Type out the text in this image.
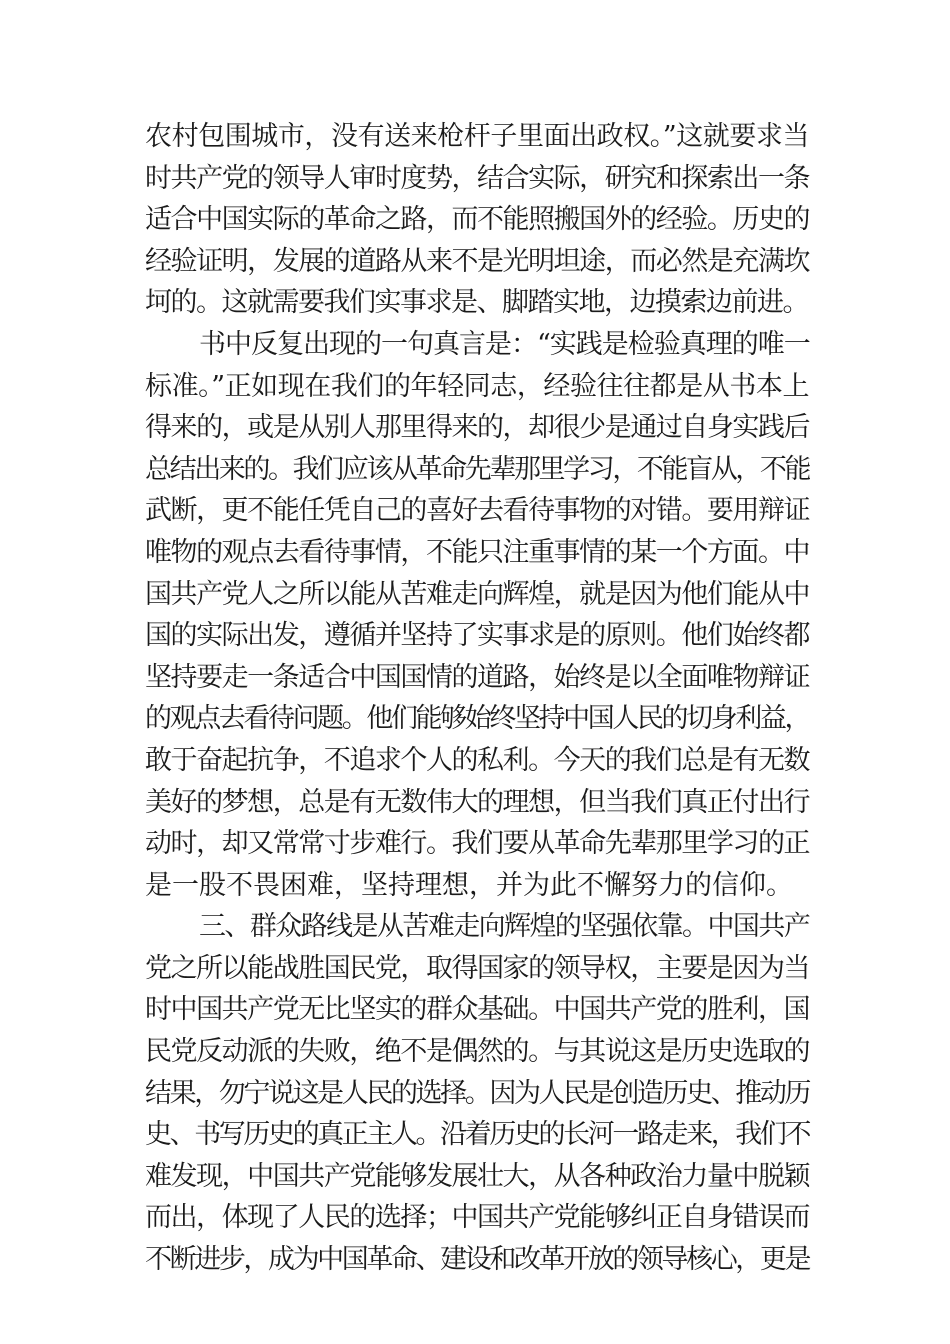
农村包围城市，没有送来枪杆子里面出政权。”这就要求当
时共产党的领导人审时度势，结合实际，研究和探索出一条
适合中国实际的革命之路，而不能照搬国外的经验。历史的
经验证明，发展的道路从来不是光明坦途，而必然是充满坎
坷的。这就需要我们实事求是、脚踏实地，边摸索边前进。
书中反复出现的一句真言是：“实践是检验真理的唯一
标准。”正如现在我们的年轻同志，经验往往都是从书本上
得来的，或是从别人那里得来的，却很少是通过自身实践后
总结出来的。我们应该从革命先辈那里学习，不能盲从，不能
武断，更不能任凭自己的喜好去看待事物的对错。要用辩证
唯物的观点去看待事情，不能只注重事情的某一个方面。中
国共产党人之所以能从苦难走向辉煌，就是因为他们能从中
国的实际出发，遵循并坚持了实事求是的原则。他们始终都
坚持要走一条适合中国国情的道路，始终是以全面唯物辩证
的观点去看待问题。他们能够始终坚持中国人民的切身利益，
敢于奋起抗争，不追求个人的私利。今天的我们总是有无数
美好的梦想，总是有无数伟大的理想，但当我们真正付出行
动时，却又常常寸步难行。我们要从革命先辈那里学习的正
是一股不畏困难，坚持理想，并为此不懈努力的信仰。
三、群众路线是从苦难走向辉煌的坚强依靠。中国共产
党之所以能战胜国民党，取得国家的领导权，主要是因为当
时中国共产党无比坚实的群众基础。中国共产党的胜利，国
民党反动派的失败，绝不是偶然的。与其说这是历史选取的
结果，勿宁说这是人民的选择。因为人民是创造历史、推动历
史、书写历史的真正主人。沿着历史的长河一路走来，我们不
难发现，中国共产党能够发展壮大，从各种政治力量中脱颖
而出，体现了人民的选择；中国共产党能够纠正自身错误而
不断进步，成为中国革命、建设和改革开放的领导核心，更是
